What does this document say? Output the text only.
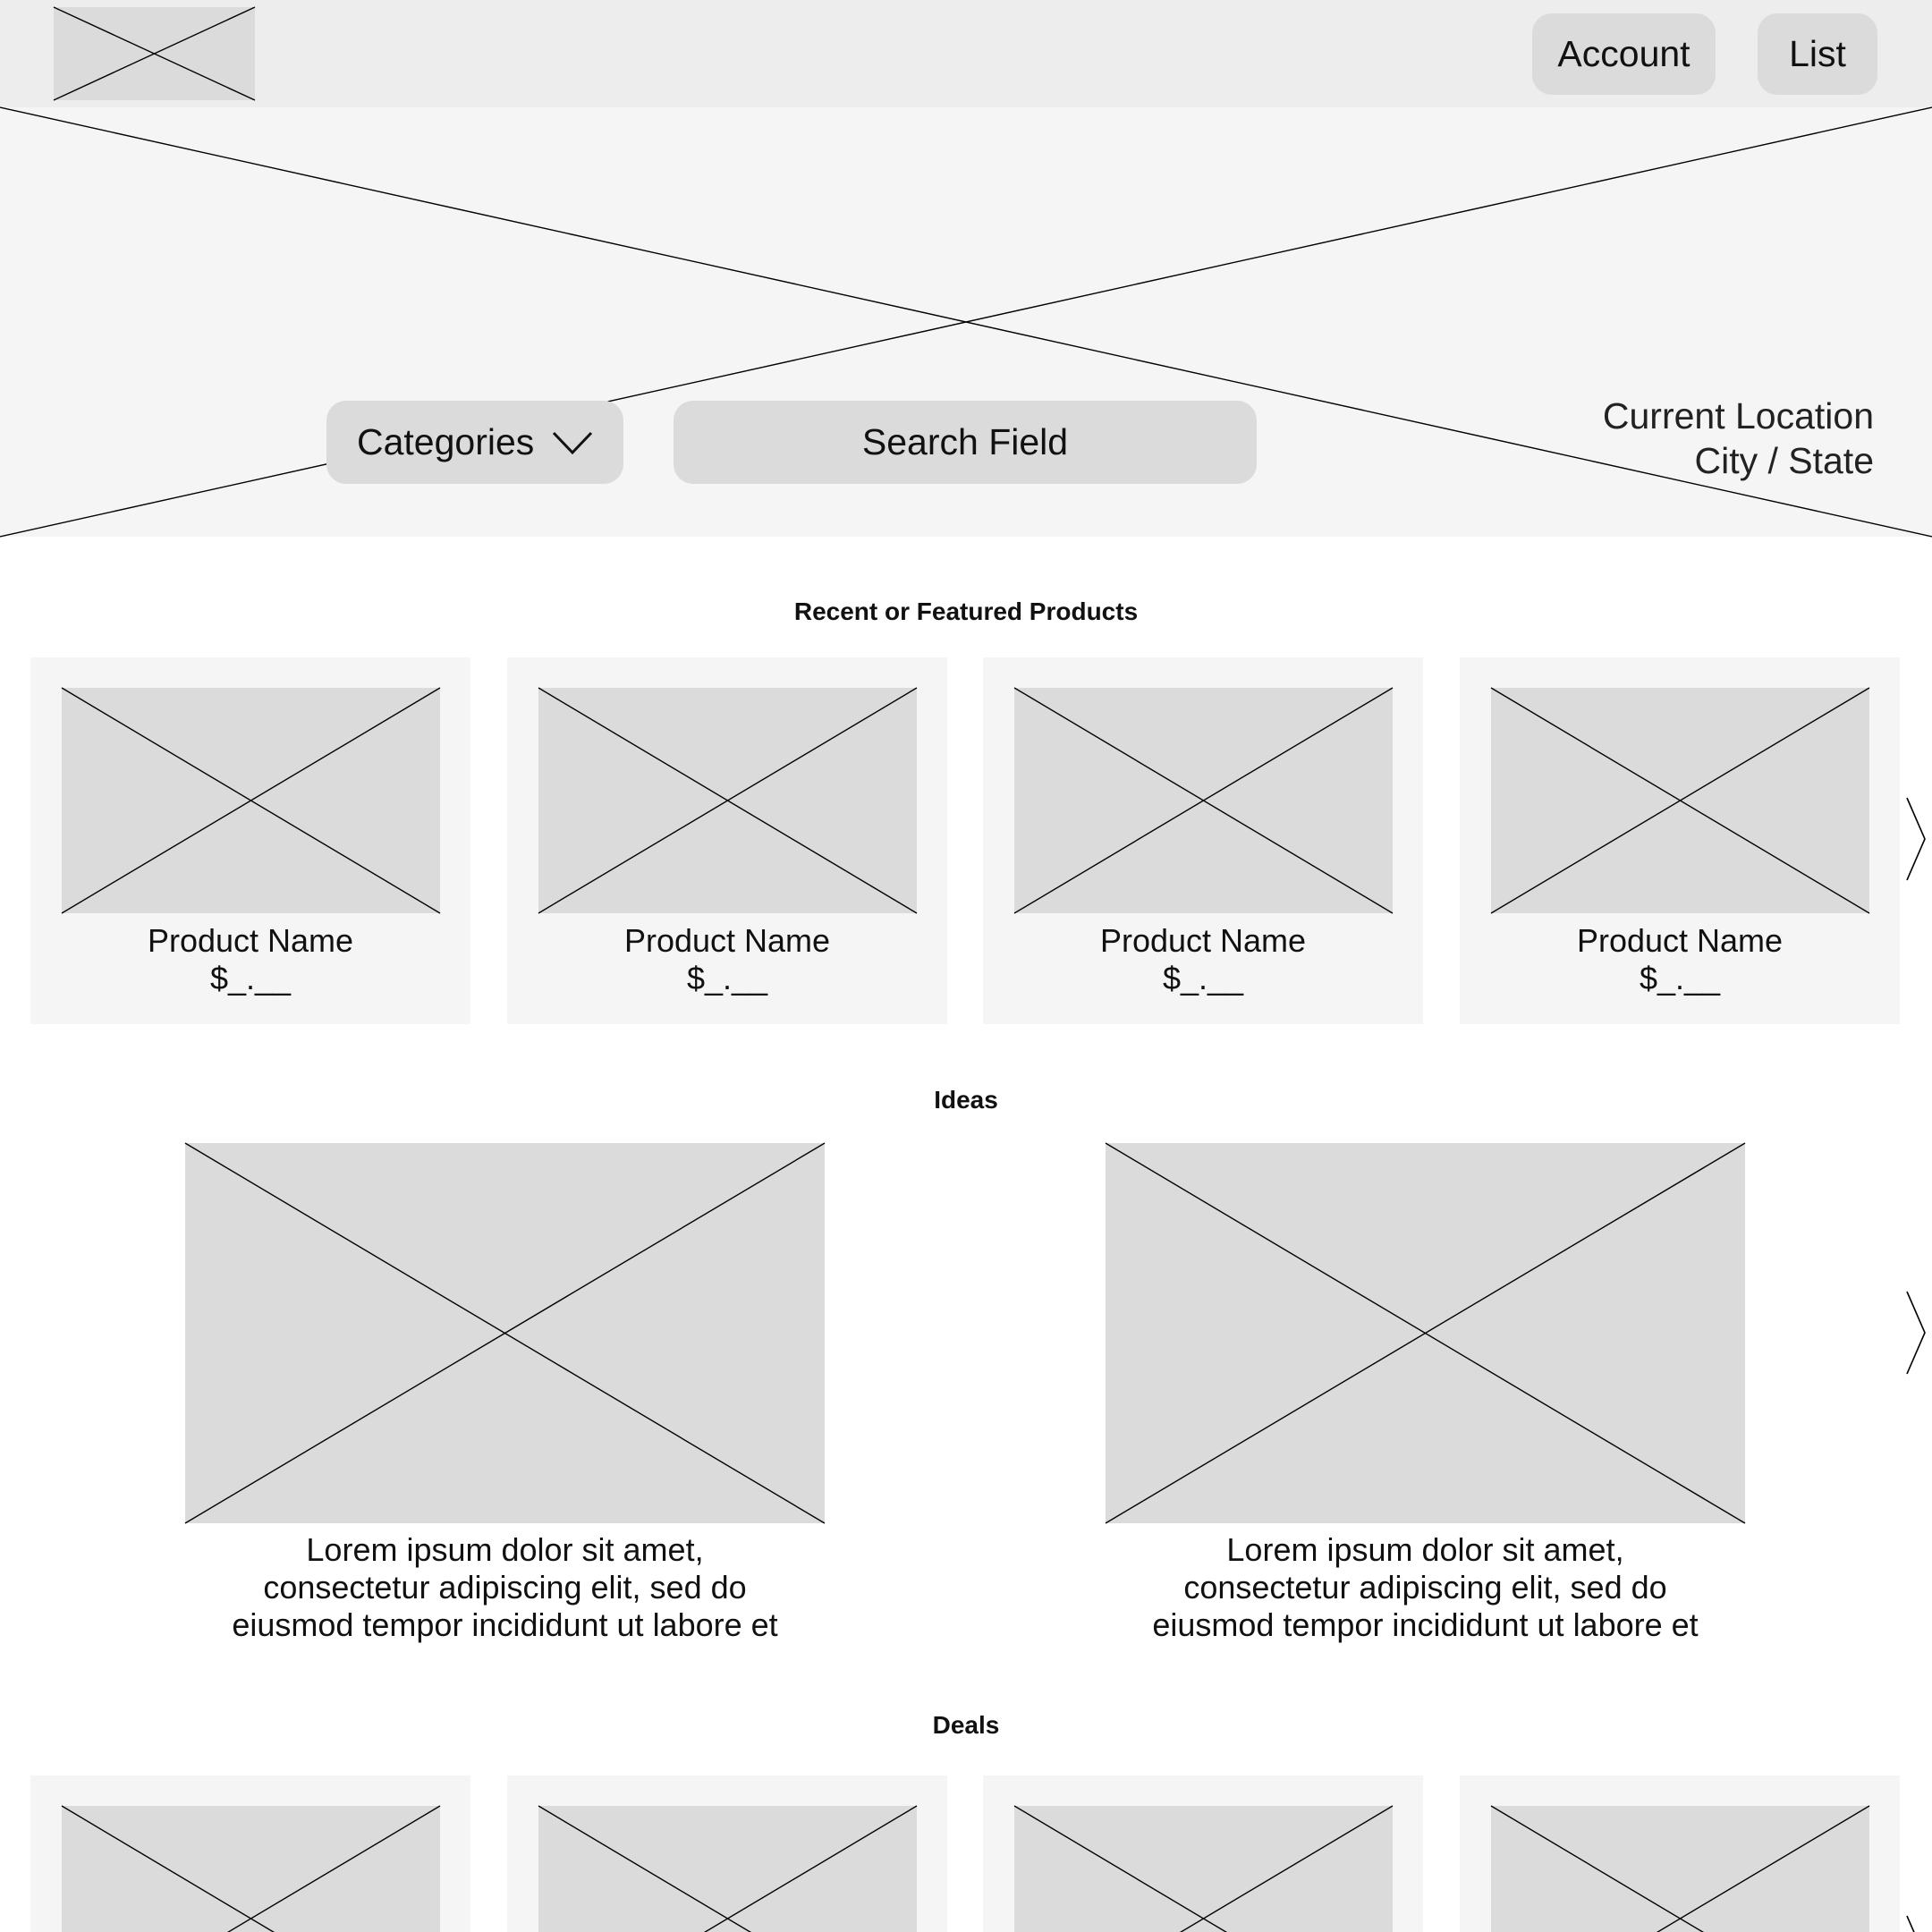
Account	List
Categories	Search Field
Current Location
City / State
Recent or Featured Products
Product Name
$_.__
Product Name
$_.__
Product Name
$_.__
Product Name
$_.__
Ideas
Lorem ipsum dolor sit amet,
consectetur adipiscing elit, sed do
eiusmod tempor incididunt ut labore et
Lorem ipsum dolor sit amet,
consectetur adipiscing elit, sed do
eiusmod tempor incididunt ut labore et
Deals
